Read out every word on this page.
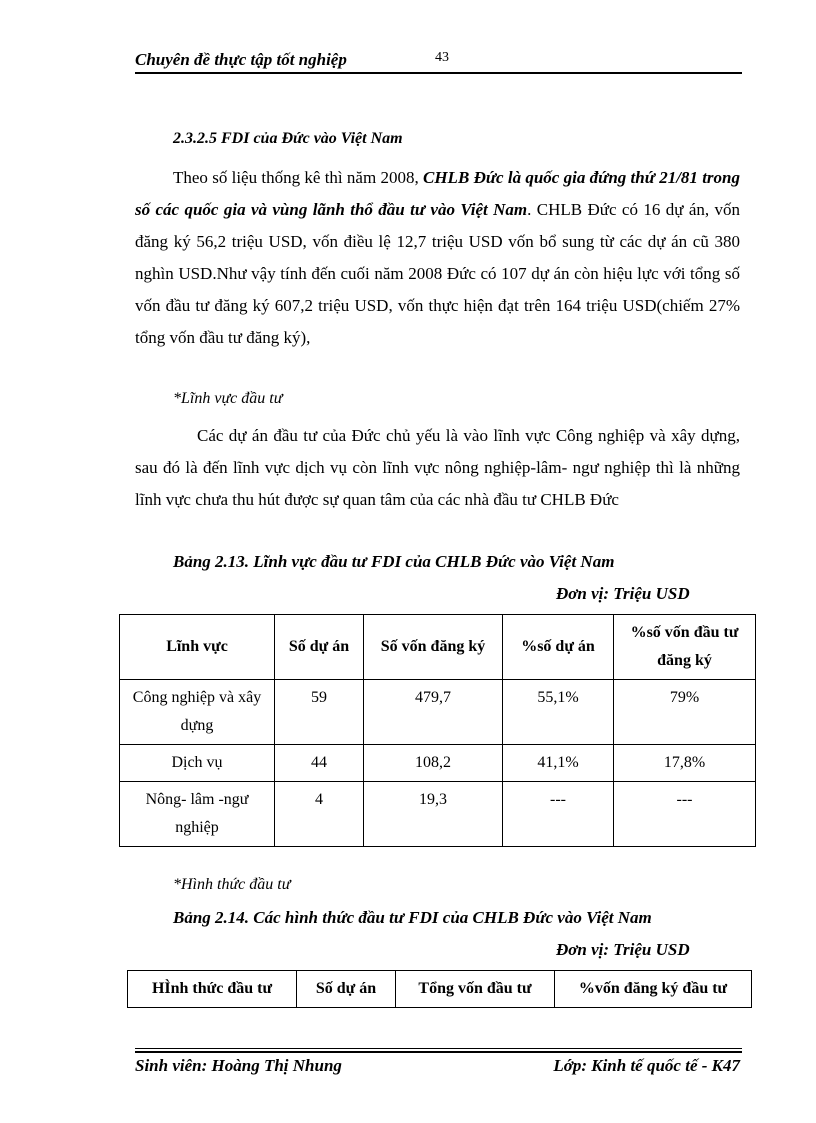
Chuyên đề thực tập tốt nghiệp	43
2.3.2.5 FDI của Đức vào Việt Nam
Theo số liệu thống kê thì năm 2008, CHLB Đức là quốc gia đứng thứ 21/81 trong số các quốc gia và vùng lãnh thổ đầu tư vào Việt Nam. CHLB Đức có 16 dự án, vốn đăng ký 56,2 triệu USD, vốn điều lệ 12,7 triệu USD vốn bổ sung từ các dự án cũ 380 nghìn USD.Như vậy tính đến cuối năm 2008 Đức có 107 dự án còn hiệu lực với tổng số vốn đầu tư đăng ký 607,2 triệu USD, vốn thực hiện đạt trên 164 triệu USD(chiếm 27% tổng vốn đầu tư đăng ký),
*Lĩnh vực đầu tư
Các dự án đầu tư của Đức chủ yếu là vào lĩnh vực Công nghiệp và xây dựng, sau đó là đến lĩnh vực dịch vụ còn lĩnh vực nông nghiệp-lâm- ngư nghiệp thì là những lĩnh vực chưa thu hút được sự quan tâm của các nhà đầu tư CHLB Đức
Bảng 2.13. Lĩnh vực đầu tư FDI của CHLB Đức vào Việt Nam
Đơn vị: Triệu USD
Lĩnh vực	Số dự án	Số vốn đăng ký	%số dự án	%số vốn đầu tư đăng ký
Công nghiệp và xây dựng	59	479,7	55,1%	79%
Dịch vụ	44	108,2	41,1%	17,8%
Nông- lâm -ngư nghiệp	4	19,3	---	---
*Hình thức đầu tư
Bảng 2.14. Các hình thức đầu tư FDI của CHLB Đức vào Việt Nam
Đơn vị: Triệu USD
HÌnh thức đầu tư	Số dự án	Tổng vốn đầu tư	%vốn đăng ký đầu tư
Sinh viên: Hoàng Thị Nhung	Lớp: Kinh tế quốc tế - K47
